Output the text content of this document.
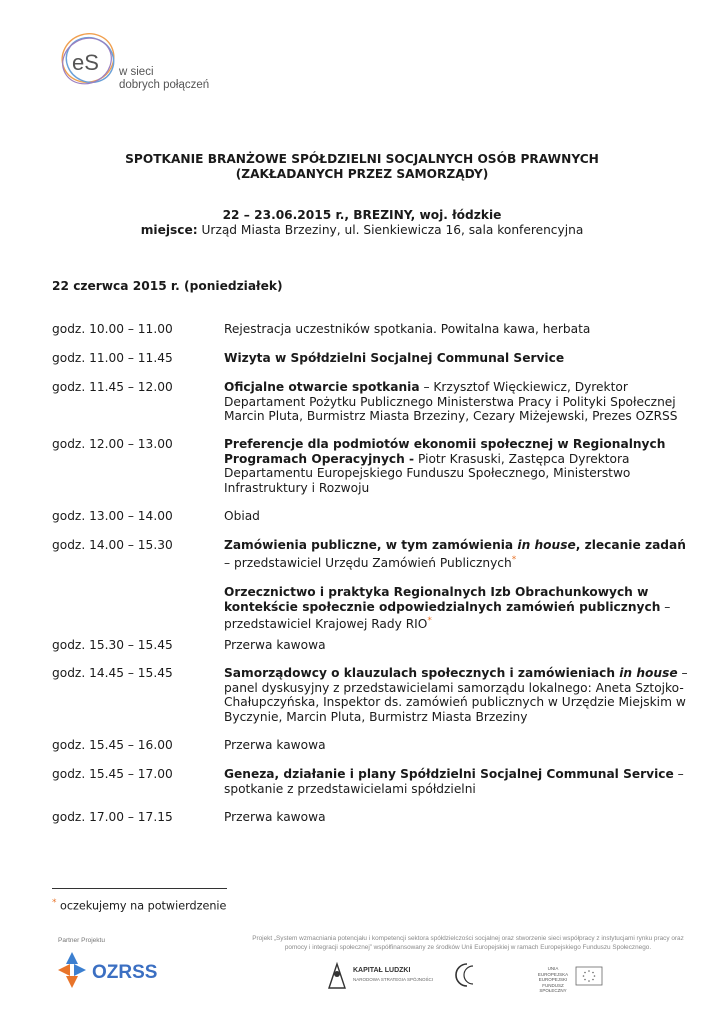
eS w sieci
dobrych połączeń
SPOTKANIE BRANŻOWE SPÓŁDZIELNI SOCJALNYCH OSÓB PRAWNYCH
(ZAKŁADANYCH PRZEZ SAMORZĄDY)
22 – 23.06.2015 r., BREZINY, woj. łódzkie
miejsce: Urząd Miasta Brzeziny, ul. Sienkiewicza 16, sala konferencyjna
22 czerwca 2015 r. (poniedziałek)
godz. 10.00 – 11.00	Rejestracja uczestników spotkania. Powitalna kawa, herbata
godz. 11.00 – 11.45	Wizyta w Spółdzielni Socjalnej Communal Service
godz. 11.45 – 12.00	Oficjalne otwarcie spotkania – Krzysztof Więckiewicz, Dyrektor Departament Pożytku Publicznego Ministerstwa Pracy i Polityki Społecznej Marcin Pluta, Burmistrz Miasta Brzeziny, Cezary Miżejewski, Prezes OZRSS
godz. 12.00 – 13.00	Preferencje dla podmiotów ekonomii społecznej w Regionalnych Programach Operacyjnych - Piotr Krasuski, Zastępca Dyrektora Departamentu Europejskiego Funduszu Społecznego, Ministerstwo Infrastruktury i Rozwoju
godz. 13.00 – 14.00	Obiad
godz. 14.00 – 15.30	Zamówienia publiczne, w tym zamówienia in house, zlecanie zadań – przedstawiciel Urzędu Zamówień Publicznych*
Orzecznictwo i praktyka Regionalnych Izb Obrachunkowych w kontekście społecznie odpowiedzialnych zamówień publicznych – przedstawiciel Krajowej Rady RIO*
godz. 15.30 – 15.45	Przerwa kawowa
godz. 14.45 – 15.45	Samorządowcy o klauzulach społecznych i zamówieniach in house – panel dyskusyjny z przedstawicielami samorządu lokalnego: Aneta Sztojko-Chałupczyńska, Inspektor ds. zamówień publicznych w Urzędzie Miejskim w Byczynie, Marcin Pluta, Burmistrz Miasta Brzeziny
godz. 15.45 – 16.00	Przerwa kawowa
godz. 15.45 – 17.00	Geneza, działanie i plany Spółdzielni Socjalnej Communal Service – spotkanie z przedstawicielami spółdzielni
godz. 17.00 – 17.15	Przerwa kawowa
* oczekujemy na potwierdzenie
Partner Projektu
OZRSS
Projekt „System wzmacniania potencjału i kompetencji sektora spółdzielczości socjalnej oraz stworzenie sieci współpracy z instytucjami rynku pracy oraz pomocy i integracji społecznej” współfinansowany ze środków Unii Europejskiej w ramach Europejskiego Funduszu Społecznego.
KAPITAŁ LUDZKI
NARODOWA STRATEGIA SPÓJNOŚCI
UNIA EUROPEJSKA EUROPEJSKI FUNDUSZ SPOŁECZNY
